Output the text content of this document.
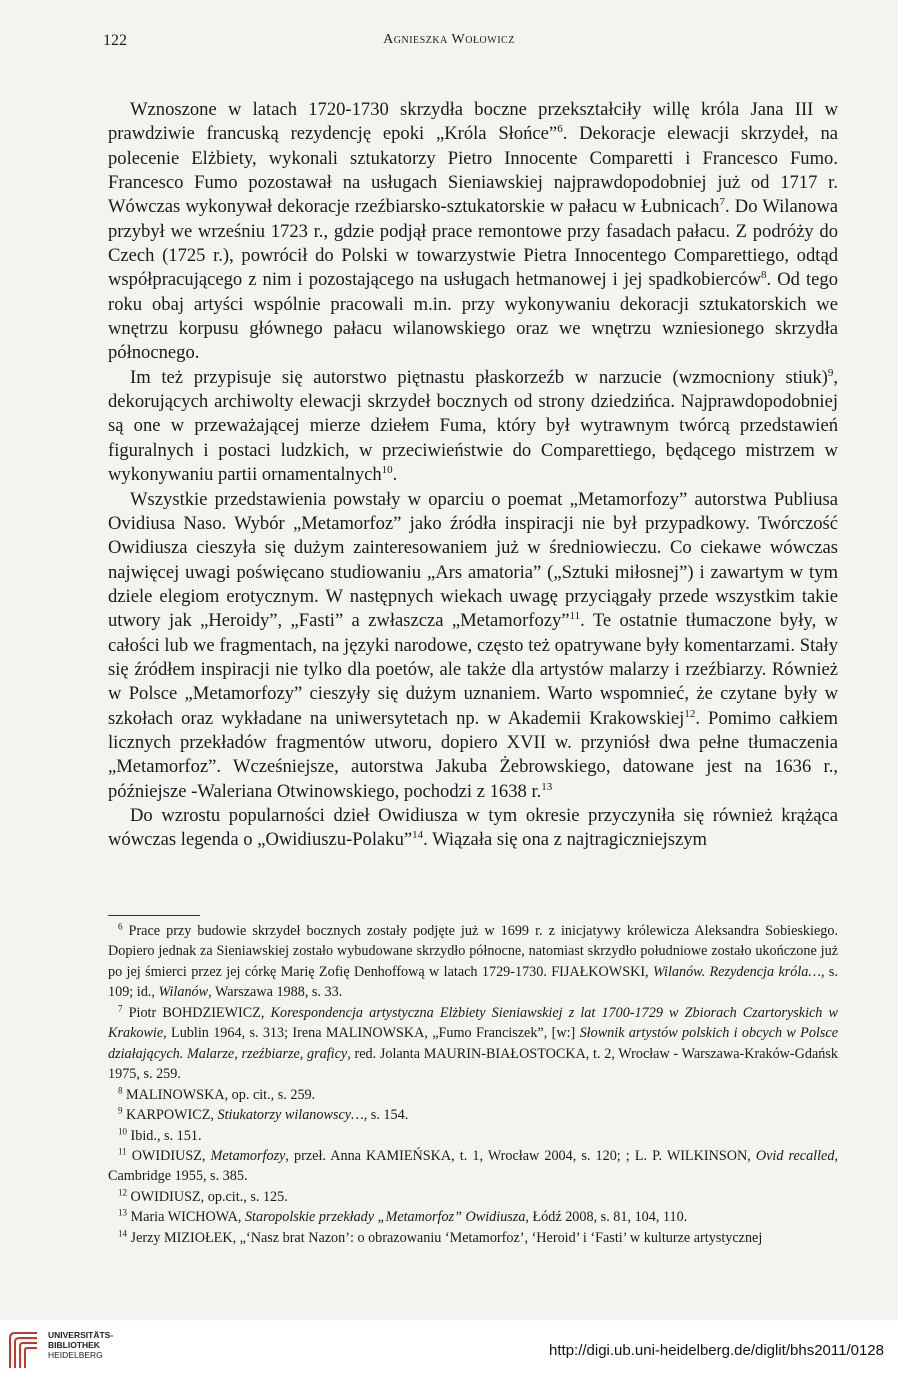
122	Agnieszka Wołowicz

Wznoszone w latach 1720-1730 skrzydła boczne przekształciły willę króla Jana III w prawdziwie francuską rezydencję epoki „Króla Słońce”$^6$. Dekoracje elewacji skrzydeł, na polecenie Elżbiety, wykonali sztukatorzy Pietro Innocente Comparetti i Francesco Fumo. Francesco Fumo pozostawał na usługach Sieniawskiej najprawdopodobniej już od 1717 r. Wówczas wykonywał dekoracje rzeźbiarsko-sztukatorskie w pałacu w Łubnicach$^7$. Do Wilanowa przybył we wrześniu 1723 r., gdzie podjął prace remontowe przy fasadach pałacu. Z podróży do Czech (1725 r.), powrócił do Polski w towarzystwie Pietra Innocentego Comparettiego, odtąd współpracującego z nim i pozostającego na usługach hetmanowej i jej spadkobierców$^8$. Od tego roku obaj artyści wspólnie pracowali m.in. przy wykonywaniu dekoracji sztukatorskich we wnętrzu korpusu głównego pałacu wilanowskiego oraz we wnętrzu wzniesionego skrzydła północnego.

Im też przypisuje się autorstwo piętnastu płaskorzeźb w narzucie (wzmocniony stiuk)$^9$, dekorujących archiwolty elewacji skrzydeł bocznych od strony dziedzińca. Najprawdopodobniej są one w przeważającej mierze dziełem Fuma, który był wytrawnym twórcą przedstawień figuralnych i postaci ludzkich, w przeciwieństwie do Comparettiego, będącego mistrzem w wykonywaniu partii ornamentalnych$^{10}$.

Wszystkie przedstawienia powstały w oparciu o poemat „Metamorfozy” autorstwa Publiusa Ovidiusa Naso. Wybór „Metamorfoz” jako źródła inspiracji nie był przypadkowy. Twórczość Owidiusza cieszyła się dużym zainteresowaniem już w średniowieczu. Co ciekawe wówczas najwięcej uwagi poświęcano studiowaniu „Ars amatoria” („Sztuki miłosnej”) i zawartym w tym dziele elegiom erotycznym. W następnych wiekach uwagę przyciągały przede wszystkim takie utwory jak „Heroidy”, „Fasti” a zwłaszcza „Metamorfozy”$^{11}$. Te ostatnie tłumaczone były, w całości lub we fragmentach, na języki narodowe, często też opatrywane były komentarzami. Stały się źródłem inspiracji nie tylko dla poetów, ale także dla artystów malarzy i rzeźbiarzy. Również w Polsce „Metamorfozy” cieszyły się dużym uznaniem. Warto wspomnieć, że czytane były w szkołach oraz wykładane na uniwersytetach np. w Akademii Krakowskiej$^{12}$. Pomimo całkiem licznych przekładów fragmentów utworu, dopiero XVII w. przyniósł dwa pełne tłumaczenia „Metamorfoz”. Wcześniejsze, autorstwa Jakuba Żebrowskiego, datowane jest na 1636 r., późniejsze -Waleriana Otwinowskiego, pochodzi z 1638 r.$^{13}$

Do wzrostu popularności dzieł Owidiusza w tym okresie przyczyniła się również krążąca wówczas legenda o „Owidiuszu-Polaku”$^{14}$. Wiązała się ona z najtragiczniejszym

$^6$ Prace przy budowie skrzydeł bocznych zostały podjęte już w 1699 r. z inicjatywy królewicza Aleksandra Sobieskiego. Dopiero jednak za Sieniawskiej zostało wybudowane skrzydło północne, natomiast skrzydło południowe zostało ukończone już po jej śmierci przez jej córkę Marię Zofię Denhoffową w latach 1729-1730. FIJAŁKOWSKI, Wilanów. Rezydencja króla…, s. 109; id., Wilanów, Warszawa 1988, s. 33.

$^7$ Piotr BOHDZIEWICZ, Korespondencja artystyczna Elżbiety Sieniawskiej z lat 1700-1729 w Zbiorach Czartoryskich w Krakowie, Lublin 1964, s. 313; Irena MALINOWSKA, „Fumo Franciszek”, [w:] Słownik artystów polskich i obcych w Polsce działających. Malarze, rzeźbiarze, graficy, red. Jolanta MAURIN-BIAŁOSTOCKA, t. 2, Wrocław - Warszawa-Kraków-Gdańsk 1975, s. 259.

$^8$ MALINOWSKA, op. cit., s. 259.

$^9$ KARPOWICZ, Stiukatorzy wilanowscy…, s. 154.

$^{10}$ Ibid., s. 151.

$^{11}$ OWIDIUSZ, Metamorfozy, przeł. Anna KAMIEŃSKA, t. 1, Wrocław 2004, s. 120; ; L. P. WILKINSON, Ovid recalled, Cambridge 1955, s. 385.

$^{12}$ OWIDIUSZ, op.cit., s. 125.

$^{13}$ Maria WICHOWA, Staropolskie przekłady „Metamorfoz” Owidiusza, Łódź 2008, s. 81, 104, 110.

$^{14}$ Jerzy MIZIOŁEK, „‘Nasz brat Nazon’: o obrazowaniu ‘Metamorfoz’, ‘Heroid’ i ‘Fasti’ w kulturze artystycznej

UNIVERSITÄTS-
BIBLIOTHEK
HEIDELBERG	http://digi.ub.uni-heidelberg.de/diglit/bhs2011/0128
